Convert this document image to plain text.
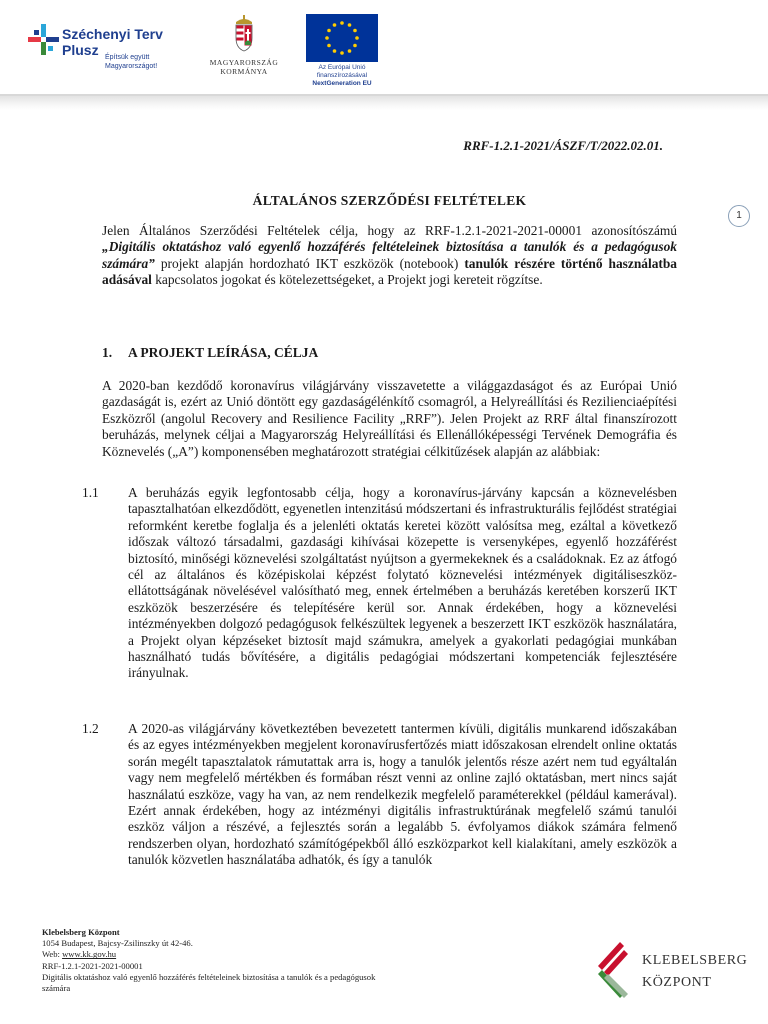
Széchenyi Terv
Plusz Építsük együtt Magyarországot!	MAGYARORSZÁG
KORMÁNYA	Az Európai Unió
finanszírozásával
NextGeneration EU
RRF-1.2.1-2021/ÁSZF/T/2022.02.01.
1
ÁLTALÁNOS SZERZŐDÉSI FELTÉTELEK

Jelen Általános Szerződési Feltételek célja, hogy az RRF-1.2.1-2021-2021-00001 azonosítószámú „Digitális oktatáshoz való egyenlő hozzáférés feltételeinek biztosítása a tanulók és a pedagógusok számára” projekt alapján hordozható IKT eszközök (notebook) tanulók részére történő használatba adásával kapcsolatos jogokat és kötelezettségeket, a Projekt jogi kereteit rögzítse.

1. A PROJEKT LEÍRÁSA, CÉLJA

A 2020-ban kezdődő koronavírus világjárvány visszavetette a világgazdaságot és az Európai Unió gazdaságát is, ezért az Unió döntött egy gazdaságélénkítő csomagról, a Helyreállítási és Rezilienciaépítési Eszközről (angolul Recovery and Resilience Facility „RRF”). Jelen Projekt az RRF által finanszírozott beruházás, melynek céljai a Magyarország Helyreállítási és Ellenállóképességi Tervének Demográfia és Köznevelés („A”) komponensében meghatározott stratégiai célkitűzések alapján az alábbiak:

1.1	A beruházás egyik legfontosabb célja, hogy a koronavírus-járvány kapcsán a köznevelésben tapasztalhatóan elkezdődött, egyenetlen intenzitású módszertani és infrastrukturális fejlődést stratégiai reformként keretbe foglalja és a jelenléti oktatás keretei között valósítsa meg, ezáltal a következő időszak változó társadalmi, gazdasági kihívásai közepette is versenyképes, egyenlő hozzáférést biztosító, minőségi köznevelési szolgáltatást nyújtson a gyermekeknek és a családoknak. Ez az átfogó cél az általános és középiskolai képzést folytató köznevelési intézmények digitáliseszköz-ellátottságának növelésével valósítható meg, ennek értelmében a beruházás keretében korszerű IKT eszközök beszerzésére és telepítésére kerül sor. Annak érdekében, hogy a köznevelési intézményekben dolgozó pedagógusok felkészültek legyenek a beszerzett IKT eszközök használatára, a Projekt olyan képzéseket biztosít majd számukra, amelyek a gyakorlati pedagógiai munkában használható tudás bővítésére, a digitális pedagógiai módszertani kompetenciák fejlesztésére irányulnak.
1.2	A 2020-as világjárvány következtében bevezetett tantermen kívüli, digitális munkarend időszakában és az egyes intézményekben megjelent koronavírusfertőzés miatt időszakosan elrendelt online oktatás során megélt tapasztalatok rámutattak arra is, hogy a tanulók jelentős része azért nem tud egyáltalán vagy nem megfelelő mértékben és formában részt venni az online zajló oktatásban, mert nincs saját használatú eszköze, vagy ha van, az nem rendelkezik megfelelő paraméterekkel (például kamerával). Ezért annak érdekében, hogy az intézményi digitális infrastruktúrának megfelelő számú tanulói eszköz váljon a részévé, a fejlesztés során a legalább 5. évfolyamos diákok számára felmenő rendszerben olyan, hordozható számítógépekből álló eszközparkot kell kialakítani, amely eszközök a tanulók közvetlen használatába adhatók, és így a tanulók
Klebelsberg Központ
1054 Budapest, Bajcsy-Zsilinszky út 42-46.
Web: www.kk.gov.hu
RRF-1.2.1-2021-2021-00001
Digitális oktatáshoz való egyenlő hozzáférés feltételeinek biztosítása a tanulók és a pedagógusok számára
KLEBELSBERG
KÖZPONT
